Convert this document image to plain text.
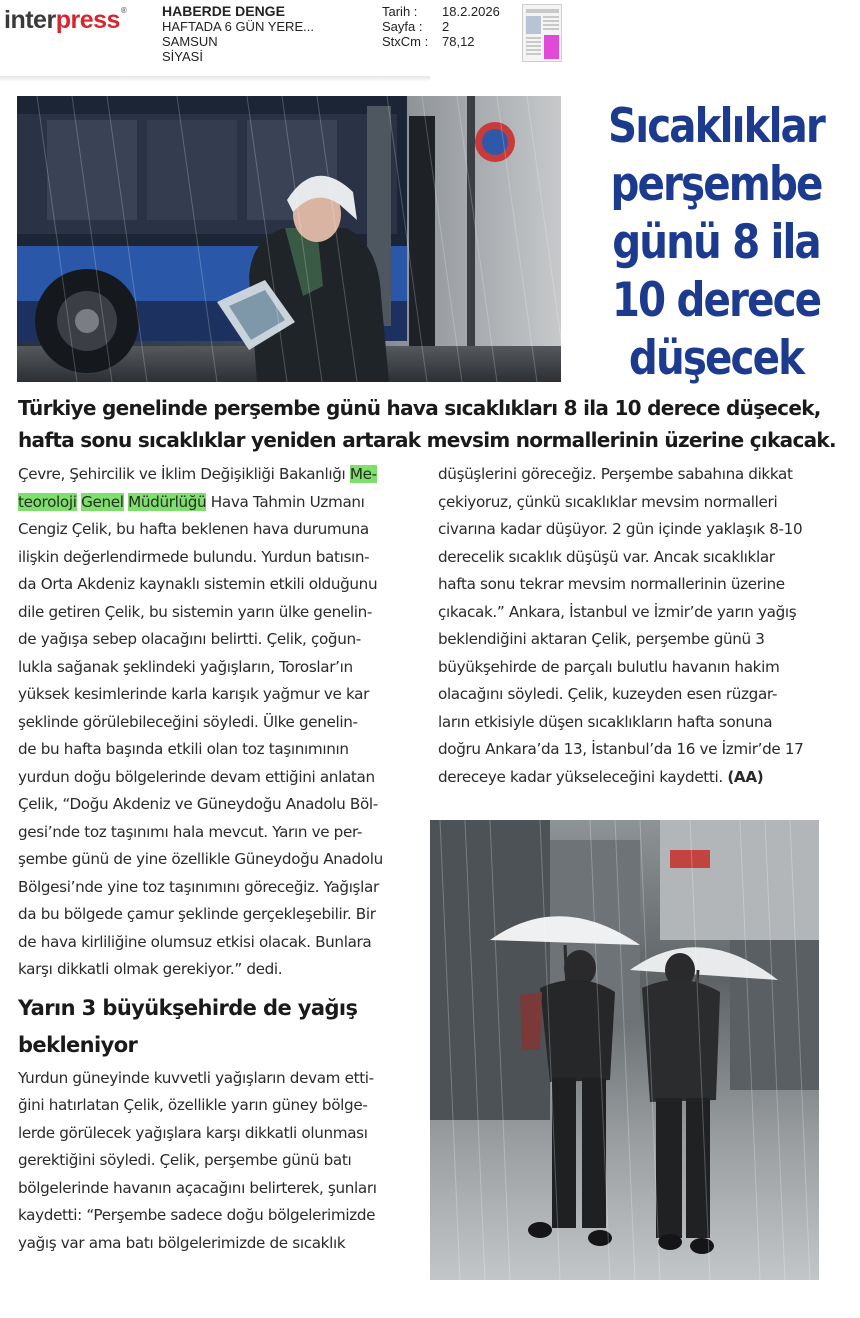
interpress®	HABERDE DENGE
HAFTADA 6 GÜN YERE...
SAMSUN
SİYASİ
Tarih :	18.2.2026
Sayfa :	2
StxCm :	78,12
Sıcaklıklar
perşembe
günü 8 ila
10 derece
düşecek
Türkiye genelinde perşembe günü hava sıcaklıkları 8 ila 10 derece düşecek,
hafta sonu sıcaklıklar yeniden artarak mevsim normallerinin üzerine çıkacak.
Çevre, Şehircilik ve İklim Değişikliği Bakanlığı Me-
teoroloji Genel Müdürlüğü Hava Tahmin Uzmanı
Cengiz Çelik, bu hafta beklenen hava durumuna
ilişkin değerlendirmede bulundu. Yurdun batısın-
da Orta Akdeniz kaynaklı sistemin etkili olduğunu
dile getiren Çelik, bu sistemin yarın ülke genelin-
de yağışa sebep olacağını belirtti. Çelik, çoğun-
lukla sağanak şeklindeki yağışların, Toroslar’ın
yüksek kesimlerinde karla karışık yağmur ve kar
şeklinde görülebileceğini söyledi. Ülke genelin-
de bu hafta başında etkili olan toz taşınımının
yurdun doğu bölgelerinde devam ettiğini anlatan
Çelik, “Doğu Akdeniz ve Güneydoğu Anadolu Böl-
gesi’nde toz taşınımı hala mevcut. Yarın ve per-
şembe günü de yine özellikle Güneydoğu Anadolu
Bölgesi’nde yine toz taşınımını göreceğiz. Yağışlar
da bu bölgede çamur şeklinde gerçekleşebilir. Bir
de hava kirliliğine olumsuz etkisi olacak. Bunlara
karşı dikkatli olmak gerekiyor.” dedi.
Yarın 3 büyükşehirde de yağış
bekleniyor
Yurdun güneyinde kuvvetli yağışların devam etti-
ğini hatırlatan Çelik, özellikle yarın güney bölge-
lerde görülecek yağışlara karşı dikkatli olunması
gerektiğini söyledi. Çelik, perşembe günü batı
bölgelerinde havanın açacağını belirterek, şunları
kaydetti: “Perşembe sadece doğu bölgelerimizde
yağış var ama batı bölgelerimizde de sıcaklık
düşüşlerini göreceğiz. Perşembe sabahına dikkat
çekiyoruz, çünkü sıcaklıklar mevsim normalleri
civarına kadar düşüyor. 2 gün içinde yaklaşık 8-10
derecelik sıcaklık düşüşü var. Ancak sıcaklıklar
hafta sonu tekrar mevsim normallerinin üzerine
çıkacak.” Ankara, İstanbul ve İzmir’de yarın yağış
beklendiğini aktaran Çelik, perşembe günü 3
büyükşehirde de parçalı bulutlu havanın hakim
olacağını söyledi. Çelik, kuzeyden esen rüzgar-
ların etkisiyle düşen sıcaklıkların hafta sonuna
doğru Ankara’da 13, İstanbul’da 16 ve İzmir’de 17
dereceye kadar yükseleceğini kaydetti. (AA)
